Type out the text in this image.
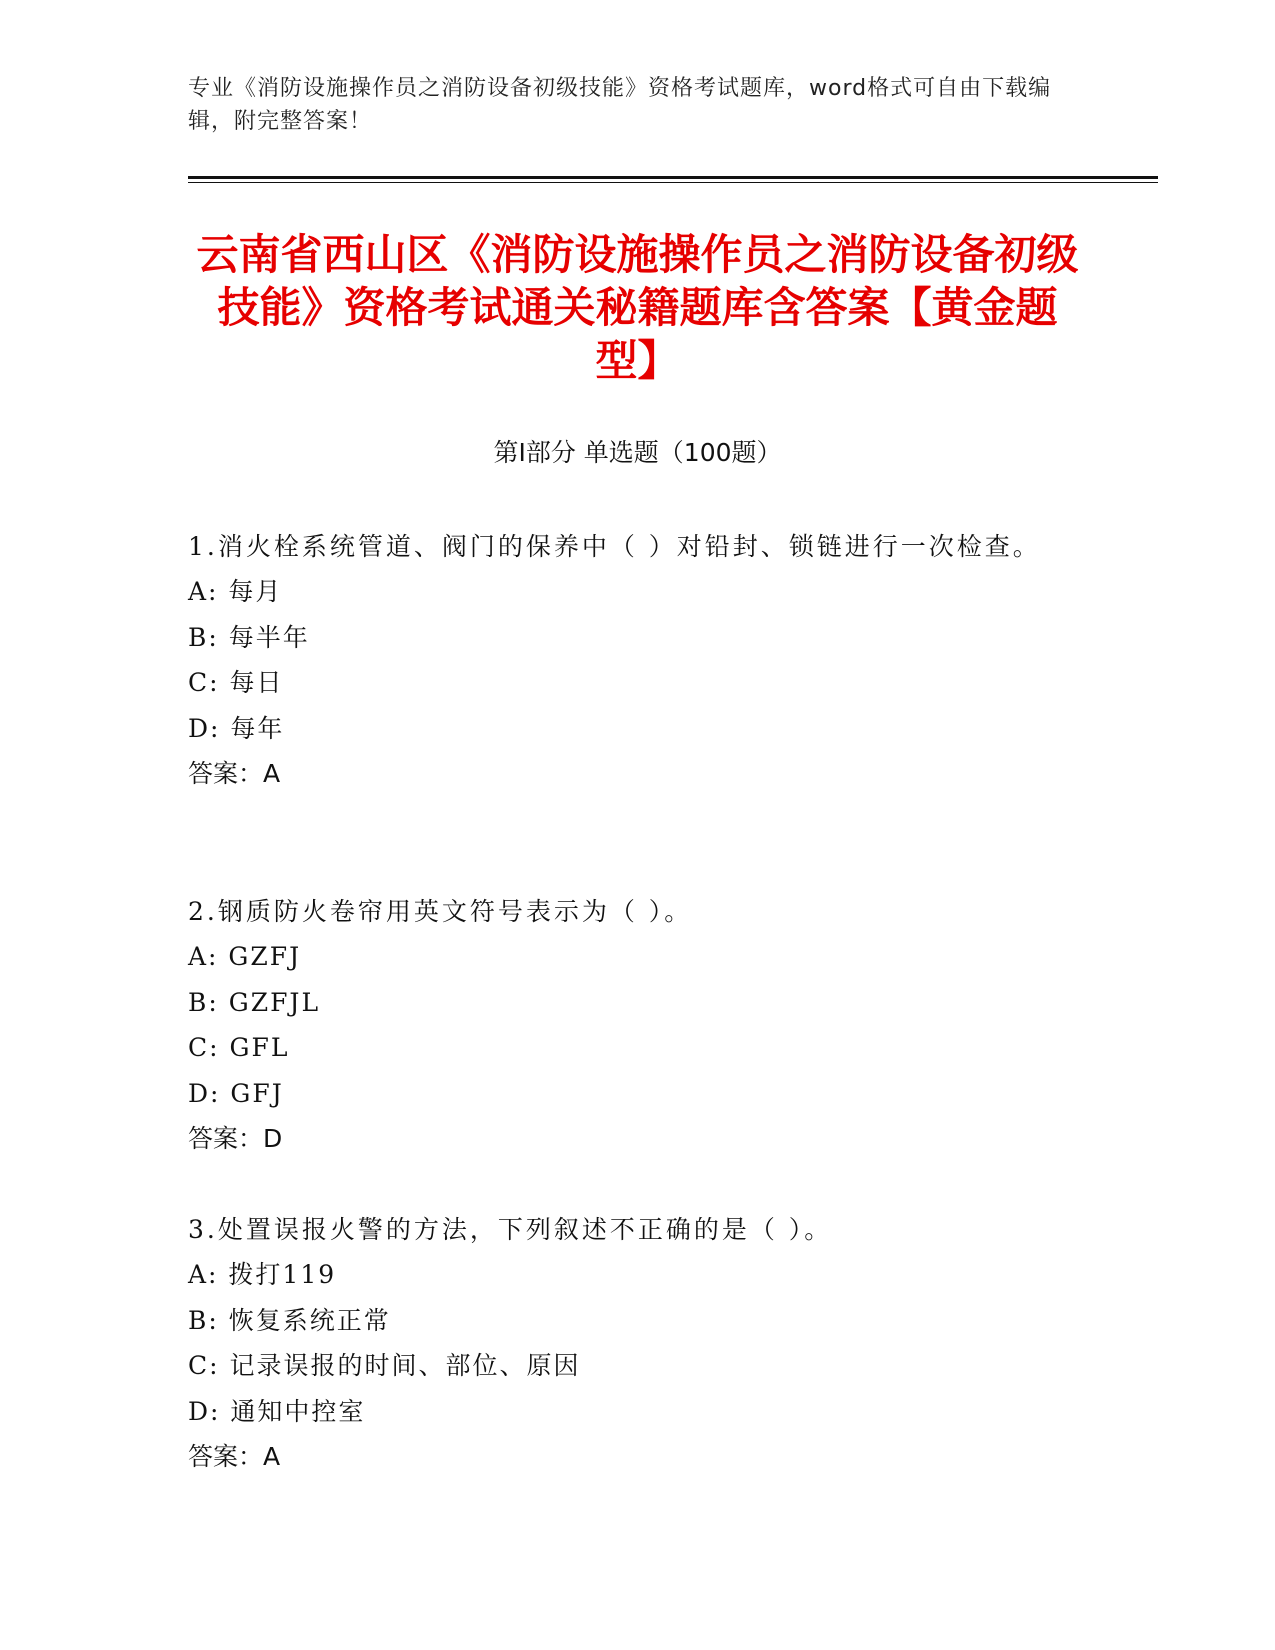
专业《消防设施操作员之消防设备初级技能》资格考试题库，word格式可自由下载编辑，附完整答案！
云南省西山区《消防设施操作员之消防设备初级技能》资格考试通关秘籍题库含答案【黄金题型】
第Ⅰ部分 单选题（100题）

1.消火栓系统管道、阀门的保养中（ ）对铅封、锁链进行一次检查。

A: 每月

B: 每半年

C: 每日

D: 每年

答案：A

2.钢质防火卷帘用英文符号表示为（ ）。

A: GZFJ

B: GZFJL

C: GFL

D: GFJ

答案：D

3.处置误报火警的方法，下列叙述不正确的是（ ）。

A: 拨打119

B: 恢复系统正常

C: 记录误报的时间、部位、原因

D: 通知中控室

答案：A
